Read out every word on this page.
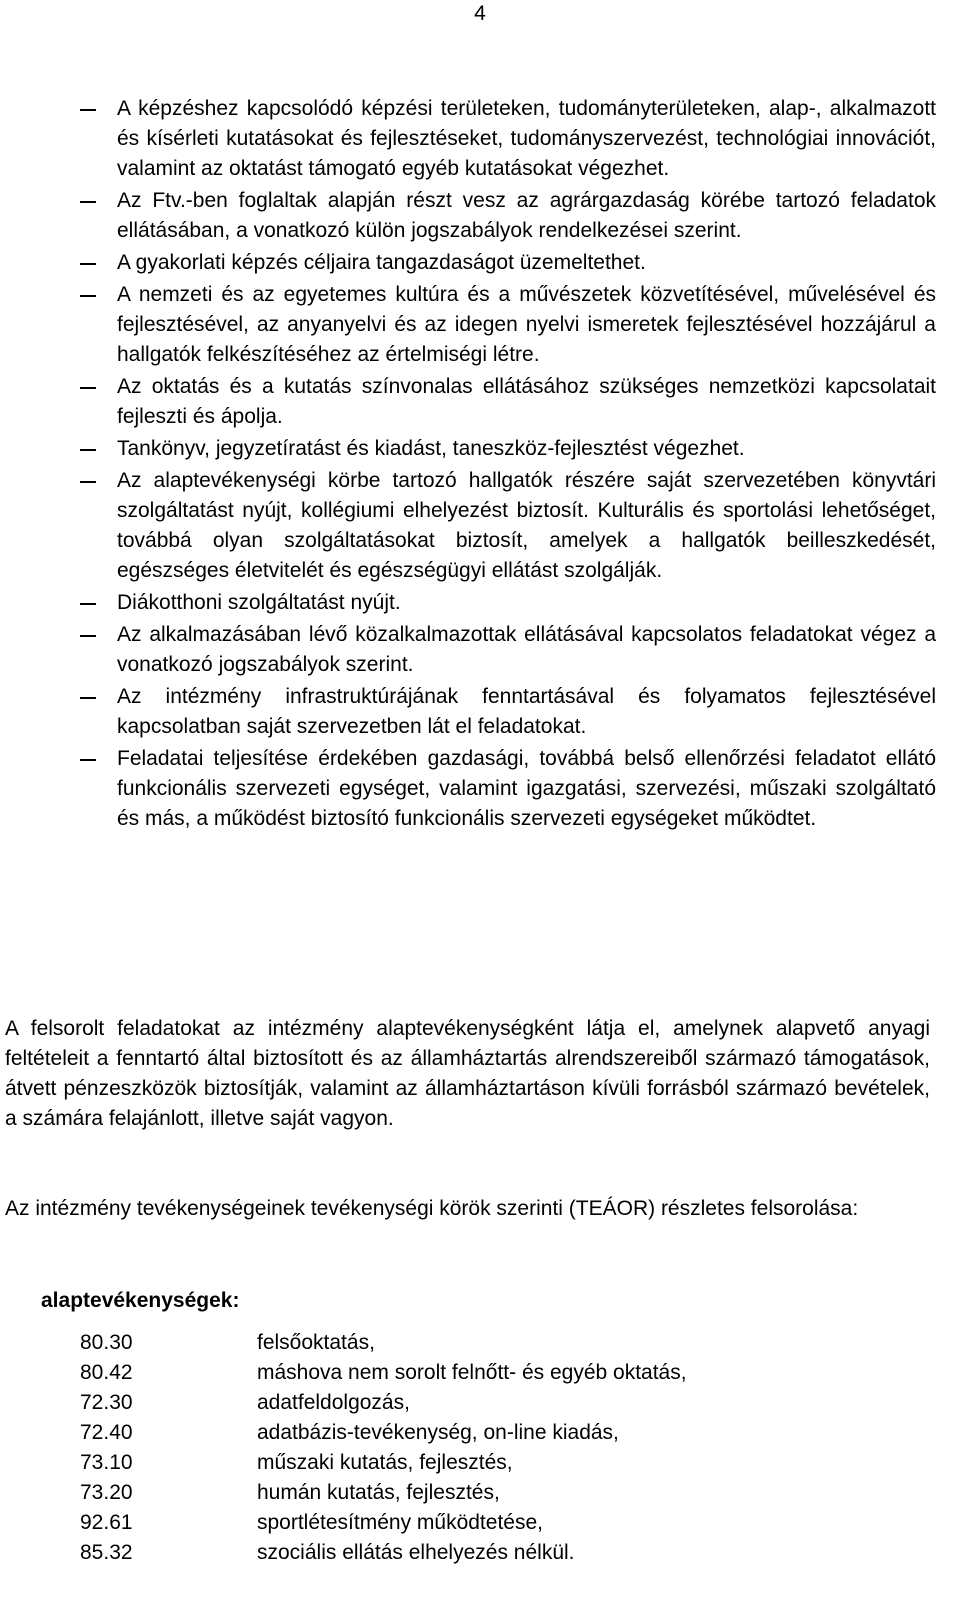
4
A képzéshez kapcsolódó képzési területeken, tudományterületeken, alap-, alkalmazott és kísérleti kutatásokat és fejlesztéseket, tudományszervezést, technológiai innovációt, valamint az oktatást támogató egyéb kutatásokat végezhet.
Az Ftv.-ben foglaltak alapján részt vesz az agrárgazdaság körébe tartozó feladatok ellátásában, a vonatkozó külön jogszabályok rendelkezései szerint.
A gyakorlati képzés céljaira tangazdaságot üzemeltethet.
A nemzeti és az egyetemes kultúra és a művészetek közvetítésével, művelésével és fejlesztésével, az anyanyelvi és az idegen nyelvi ismeretek fejlesztésével hozzájárul a hallgatók felkészítéséhez az értelmiségi létre.
Az oktatás és a kutatás színvonalas ellátásához szükséges nemzetközi kapcsolatait fejleszti és ápolja.
Tankönyv, jegyzetíratást és kiadást, taneszköz-fejlesztést végezhet.
Az alaptevékenységi körbe tartozó hallgatók részére saját szervezetében könyvtári szolgáltatást nyújt, kollégiumi elhelyezést biztosít. Kulturális és sportolási lehetőséget, továbbá olyan szolgáltatásokat biztosít, amelyek a hallgatók beilleszkedését, egészséges életvitelét és egészségügyi ellátást szolgálják.
Diákotthoni szolgáltatást nyújt.
Az alkalmazásában lévő közalkalmazottak ellátásával kapcsolatos feladatokat végez a vonatkozó jogszabályok szerint.
Az intézmény infrastruktúrájának fenntartásával és folyamatos fejlesztésével kapcsolatban saját szervezetben lát el feladatokat.
Feladatai teljesítése érdekében gazdasági, továbbá belső ellenőrzési feladatot ellátó funkcionális szervezeti egységet, valamint igazgatási, szervezési, műszaki szolgáltató és más, a működést biztosító funkcionális szervezeti egységeket működtet.

A felsorolt feladatokat az intézmény alaptevékenységként látja el, amelynek alapvető anyagi feltételeit a fenntartó által biztosított és az államháztartás alrendszereiből származó támogatások, átvett pénzeszközök biztosítják, valamint az államháztartáson kívüli forrásból származó bevételek, a számára felajánlott, illetve saját vagyon.

Az intézmény tevékenységeinek tevékenységi körök szerinti (TEÁOR) részletes felsorolása:

alaptevékenységek:

80.30	felsőoktatás,
80.42	máshova nem sorolt felnőtt- és egyéb oktatás,
72.30	adatfeldolgozás,
72.40	adatbázis-tevékenység, on-line kiadás,
73.10	műszaki kutatás, fejlesztés,
73.20	humán kutatás, fejlesztés,
92.61	sportlétesítmény működtetése,
85.32	szociális ellátás elhelyezés nélkül.
